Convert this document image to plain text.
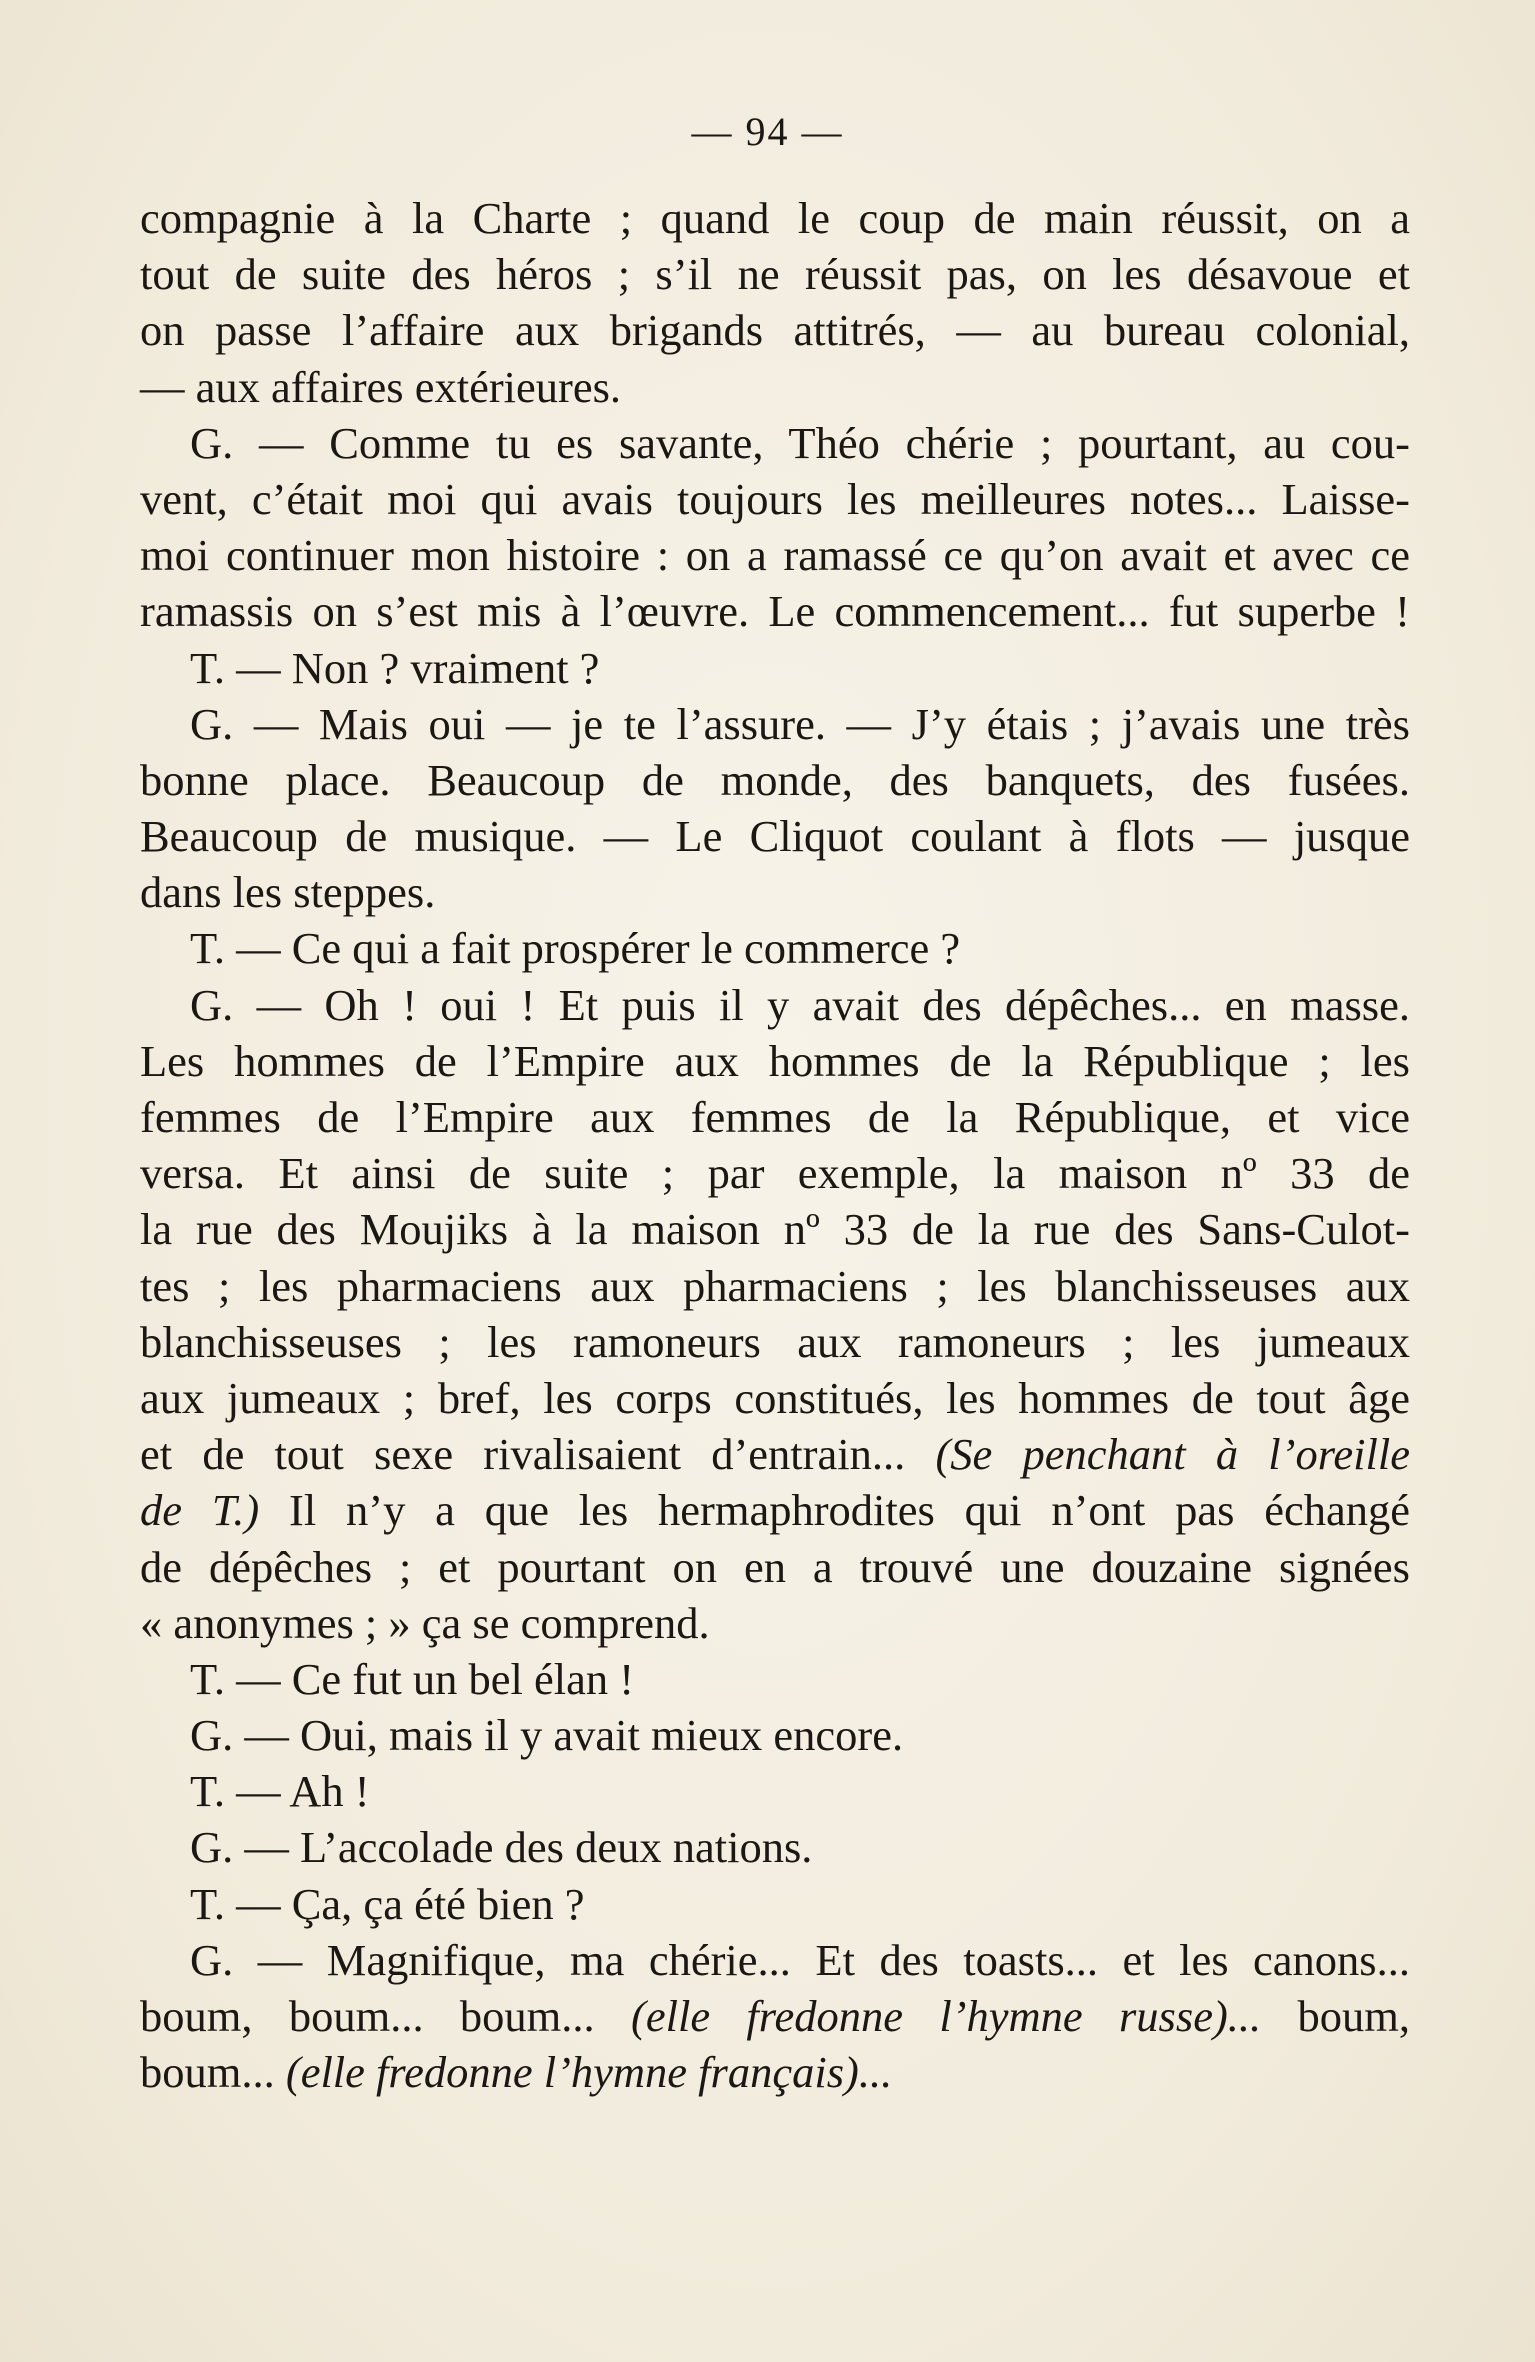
— 94 —
compagnie à la Charte ; quand le coup de main réussit, on a
tout de suite des héros ; s’il ne réussit pas, on les désavoue et
on passe l’affaire aux brigands attitrés, — au bureau colonial,
— aux affaires extérieures.
G. — Comme tu es savante, Théo chérie ; pourtant, au cou-
vent, c’était moi qui avais toujours les meilleures notes... Laisse-
moi continuer mon histoire : on a ramassé ce qu’on avait et avec ce
ramassis on s’est mis à l’œuvre. Le commencement... fut superbe !
T. — Non ? vraiment ?
G. — Mais oui — je te l’assure. — J’y étais ; j’avais une très
bonne place. Beaucoup de monde, des banquets, des fusées.
Beaucoup de musique. — Le Cliquot coulant à flots — jusque
dans les steppes.
T. — Ce qui a fait prospérer le commerce ?
G. — Oh ! oui ! Et puis il y avait des dépêches... en masse.
Les hommes de l’Empire aux hommes de la République ; les
femmes de l’Empire aux femmes de la République, et vice
versa. Et ainsi de suite ; par exemple, la maison nº 33 de
la rue des Moujiks à la maison nº 33 de la rue des Sans-Culot-
tes ; les pharmaciens aux pharmaciens ; les blanchisseuses aux
blanchisseuses ; les ramoneurs aux ramoneurs ; les jumeaux
aux jumeaux ; bref, les corps constitués, les hommes de tout âge
et de tout sexe rivalisaient d’entrain... (Se penchant à l’oreille
de T.) Il n’y a que les hermaphrodites qui n’ont pas échangé
de dépêches ; et pourtant on en a trouvé une douzaine signées
« anonymes ; » ça se comprend.
T. — Ce fut un bel élan !
G. — Oui, mais il y avait mieux encore.
T. — Ah !
G. — L’accolade des deux nations.
T. — Ça, ça été bien ?
G. — Magnifique, ma chérie... Et des toasts... et les canons...
boum, boum... boum... (elle fredonne l’hymne russe)... boum,
boum... (elle fredonne l’hymne français)...
